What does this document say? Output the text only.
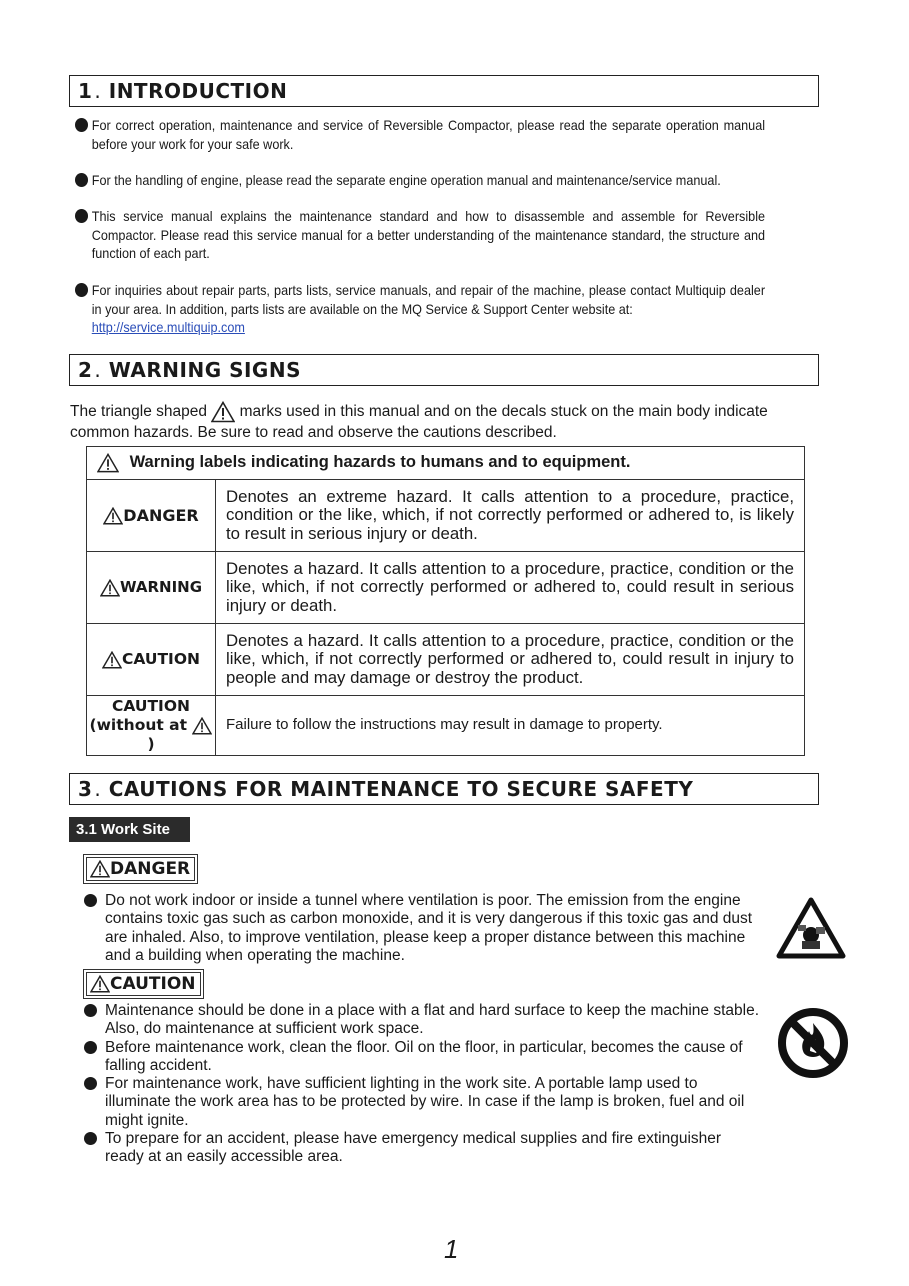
1 . INTRODUCTION
For correct operation, maintenance and service of Reversible Compactor, please read the separate operation manual before your work for your safe work.
For the handling of engine, please read the separate engine operation manual and maintenance/service manual.
This service manual explains the maintenance standard and how to disassemble and assemble for Reversible Compactor. Please read this service manual for a better understanding of the maintenance standard, the structure and function of each part.
For inquiries about repair parts, parts lists, service manuals, and repair of the machine, please contact Multiquip dealer in your area. In addition, parts lists are available on the MQ Service & Support Center website at:
http://service.multiquip.com
2 . WARNING SIGNS
The triangle shaped marks used in this manual and on the decals stuck on the main body indicate common hazards. Be sure to read and observe the cautions described.
Warning labels indicating hazards to humans and to equipment.	
DANGER	Denotes an extreme hazard. It calls attention to a procedure, practice, condition or the like, which, if not correctly performed or adhered to, is likely to result in serious injury or death.
WARNING	Denotes a hazard. It calls attention to a procedure, practice, condition or the like, which, if not correctly performed or adhered to, could result in serious injury or death.
CAUTION	Denotes a hazard. It calls attention to a procedure, practice, condition or the like, which, if not correctly performed or adhered to, could result in injury to people and may damage or destroy the product.
CAUTION
(without at )	Failure to follow the instructions may result in damage to property.
3 . CAUTIONS FOR MAINTENANCE TO SECURE SAFETY
3.1 Work Site
DANGER
Do not work indoor or inside a tunnel where ventilation is poor. The emission from the engine contains toxic gas such as carbon monoxide, and it is very dangerous if this toxic gas and dust are inhaled. Also, to improve ventilation, please keep a proper distance between this machine and a building when operating the machine.
CAUTION
Maintenance should be done in a place with a flat and hard surface to keep the machine stable. Also, do maintenance at sufficient work space.
Before maintenance work, clean the floor. Oil on the floor, in particular, becomes the cause of falling accident.
For maintenance work, have sufficient lighting in the work site. A portable lamp used to illuminate the work area has to be protected by wire. In case if the lamp is broken, fuel and oil might ignite.
To prepare for an accident, please have emergency medical supplies and fire extinguisher ready at an easily accessible area.
1
